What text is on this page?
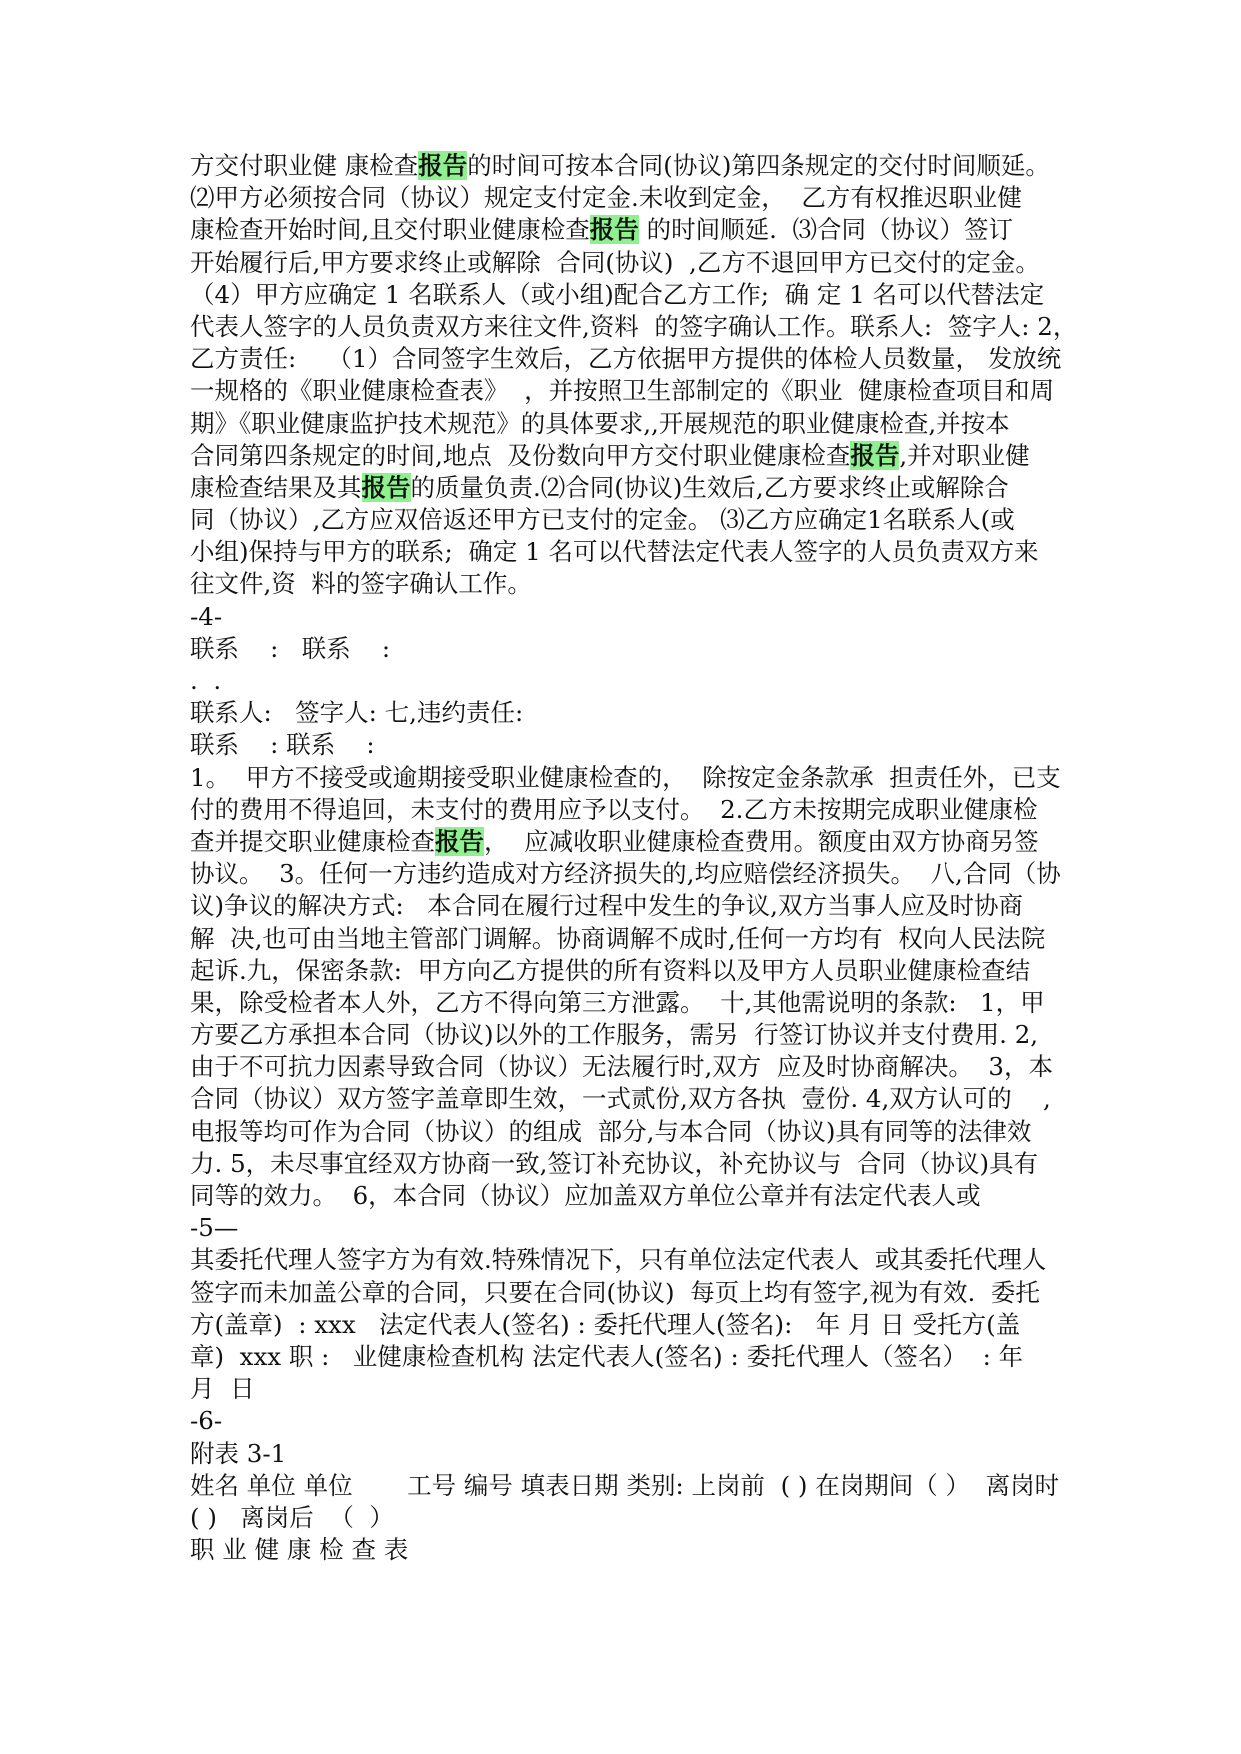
方交付职业健 康检查报告的时间可按本合同(协议)第四条规定的交付时间顺延。
⑵甲方必须按合同（协议）规定支付定金.未收到定金，  乙方有权推迟职业健
康检查开始时间,且交付职业健康检查报告 的时间顺延.  ⑶合同（协议）签订
开始履行后,甲方要求终止或解除  合同(协议)  ,乙方不退回甲方已交付的定金。
（4）甲方应确定 1 名联系人（或小组)配合乙方工作;  确 定 1 名可以代替法定
代表人签字的人员负责双方来往文件,资料  的签字确认工作。联系人:  签字人: 2，
乙方责任:    （1）合同签字生效后，乙方依据甲方提供的体检人员数量， 发放统
一规格的《职业健康检查表》  ，并按照卫生部制定的《职业  健康检查项目和周
期》《职业健康监护技术规范》的具体要求,,开展规范的职业健康检查,并按本
合同第四条规定的时间,地点  及份数向甲方交付职业健康检查报告,并对职业健
康检查结果及其报告的质量负责.⑵合同(协议)生效后,乙方要求终止或解除合
同（协议）,乙方应双倍返还甲方已支付的定金。 ⑶乙方应确定1名联系人(或
小组)保持与甲方的联系;  确定 1 名可以代替法定代表人签字的人员负责双方来
往文件,资  料的签字确认工作。
-4-
联系    :   联系    :
.  .
联系人:   签字人: 七,违约责任:
联系    : 联系    :
1。  甲方不接受或逾期接受职业健康检查的，  除按定金条款承  担责任外，已支
付的费用不得追回，未支付的费用应予以支付。  2.乙方未按期完成职业健康检
查并提交职业健康检查报告，  应减收职业健康检查费用。额度由双方协商另签
协议。  3。任何一方违约造成对方经济损失的,均应赔偿经济损失。  八,合同（协
议)争议的解决方式:   本合同在履行过程中发生的争议,双方当事人应及时协商
解  决,也可由当地主管部门调解。协商调解不成时,任何一方均有  权向人民法院
起诉.九，保密条款:  甲方向乙方提供的所有资料以及甲方人员职业健康检查结
果，除受检者本人外，乙方不得向第三方泄露。  十,其他需说明的条款:   1，甲
方要乙方承担本合同（协议)以外的工作服务，需另  行签订协议并支付费用. 2,
由于不可抗力因素导致合同（协议）无法履行时,双方  应及时协商解决。  3，本
合同（协议）双方签字盖章即生效，一式贰份,双方各执  壹份. 4,双方认可的    ,
电报等均可作为合同（协议）的组成  部分,与本合同（协议)具有同等的法律效
力. 5，未尽事宜经双方协商一致,签订补充协议，补充协议与  合同（协议)具有
同等的效力。  6，本合同（协议）应加盖双方单位公章并有法定代表人或
-5—
其委托代理人签字方为有效.特殊情况下，只有单位法定代表人  或其委托代理人
签字而未加盖公章的合同，只要在合同(协议)  每页上均有签字,视为有效.  委托
方(盖章)  : xxx   法定代表人(签名) : 委托代理人(签名):   年 月 日 受托方(盖
章)  xxx 职 :   业健康检查机构 法定代表人(签名) : 委托代理人（签名）  : 年
月  日
-6-
附表 3-1
姓名 单位 单位       工号 编号 填表日期 类别: 上岗前  ( ) 在岗期间（ ）  离岗时
( )   离岗后  （  ）
职 业 健 康 检 查 表
